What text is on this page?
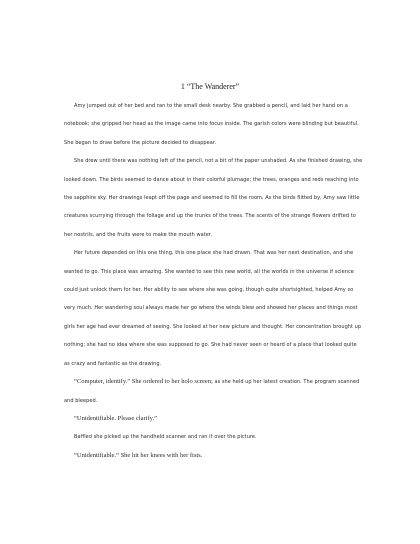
1 “The Wanderer”

Amy jumped out of her bed and ran to the small desk nearby. She grabbed a pencil, and laid her hand on a notebook; she gripped her head as the image came into focus inside. The garish colors were blinding but beautiful. She began to draw before the picture decided to disappear.

She drew until there was nothing left of the pencil, not a bit of the paper unshaded. As she finished drawing, she looked down. The birds seemed to dance about in their colorful plumage; the trees, oranges and reds reaching into the sapphire sky. Her drawings leapt off the page and seemed to fill the room. As the birds flitted by, Amy saw little creatures scurrying through the foliage and up the trunks of the trees. The scents of the strange flowers drifted to her nostrils, and the fruits were to make the mouth water.

Her future depended on this one thing, this one place she had drawn. That was her next destination, and she wanted to go. This place was amazing. She wanted to see this new world, all the worlds in the universe if science could just unlock them for her. Her ability to see where she was going, though quite shortsighted, helped Amy so very much. Her wandering soul always made her go where the winds blew and showed her places and things most girls her age had ever dreamed of seeing. She looked at her new picture and thought. Her concentration brought up nothing; she had no idea where she was supposed to go. She had never seen or heard of a place that looked quite as crazy and fantastic as the drawing.

“Computer, identify.” She ordered to her holo screen; as she held up her latest creation. The program scanned and bleeped.

“Unidentifiable. Please clarify.”

Baffled she picked up the handheld scanner and ran it over the picture.

“Unidentifiable.” She hit her knees with her fists.
